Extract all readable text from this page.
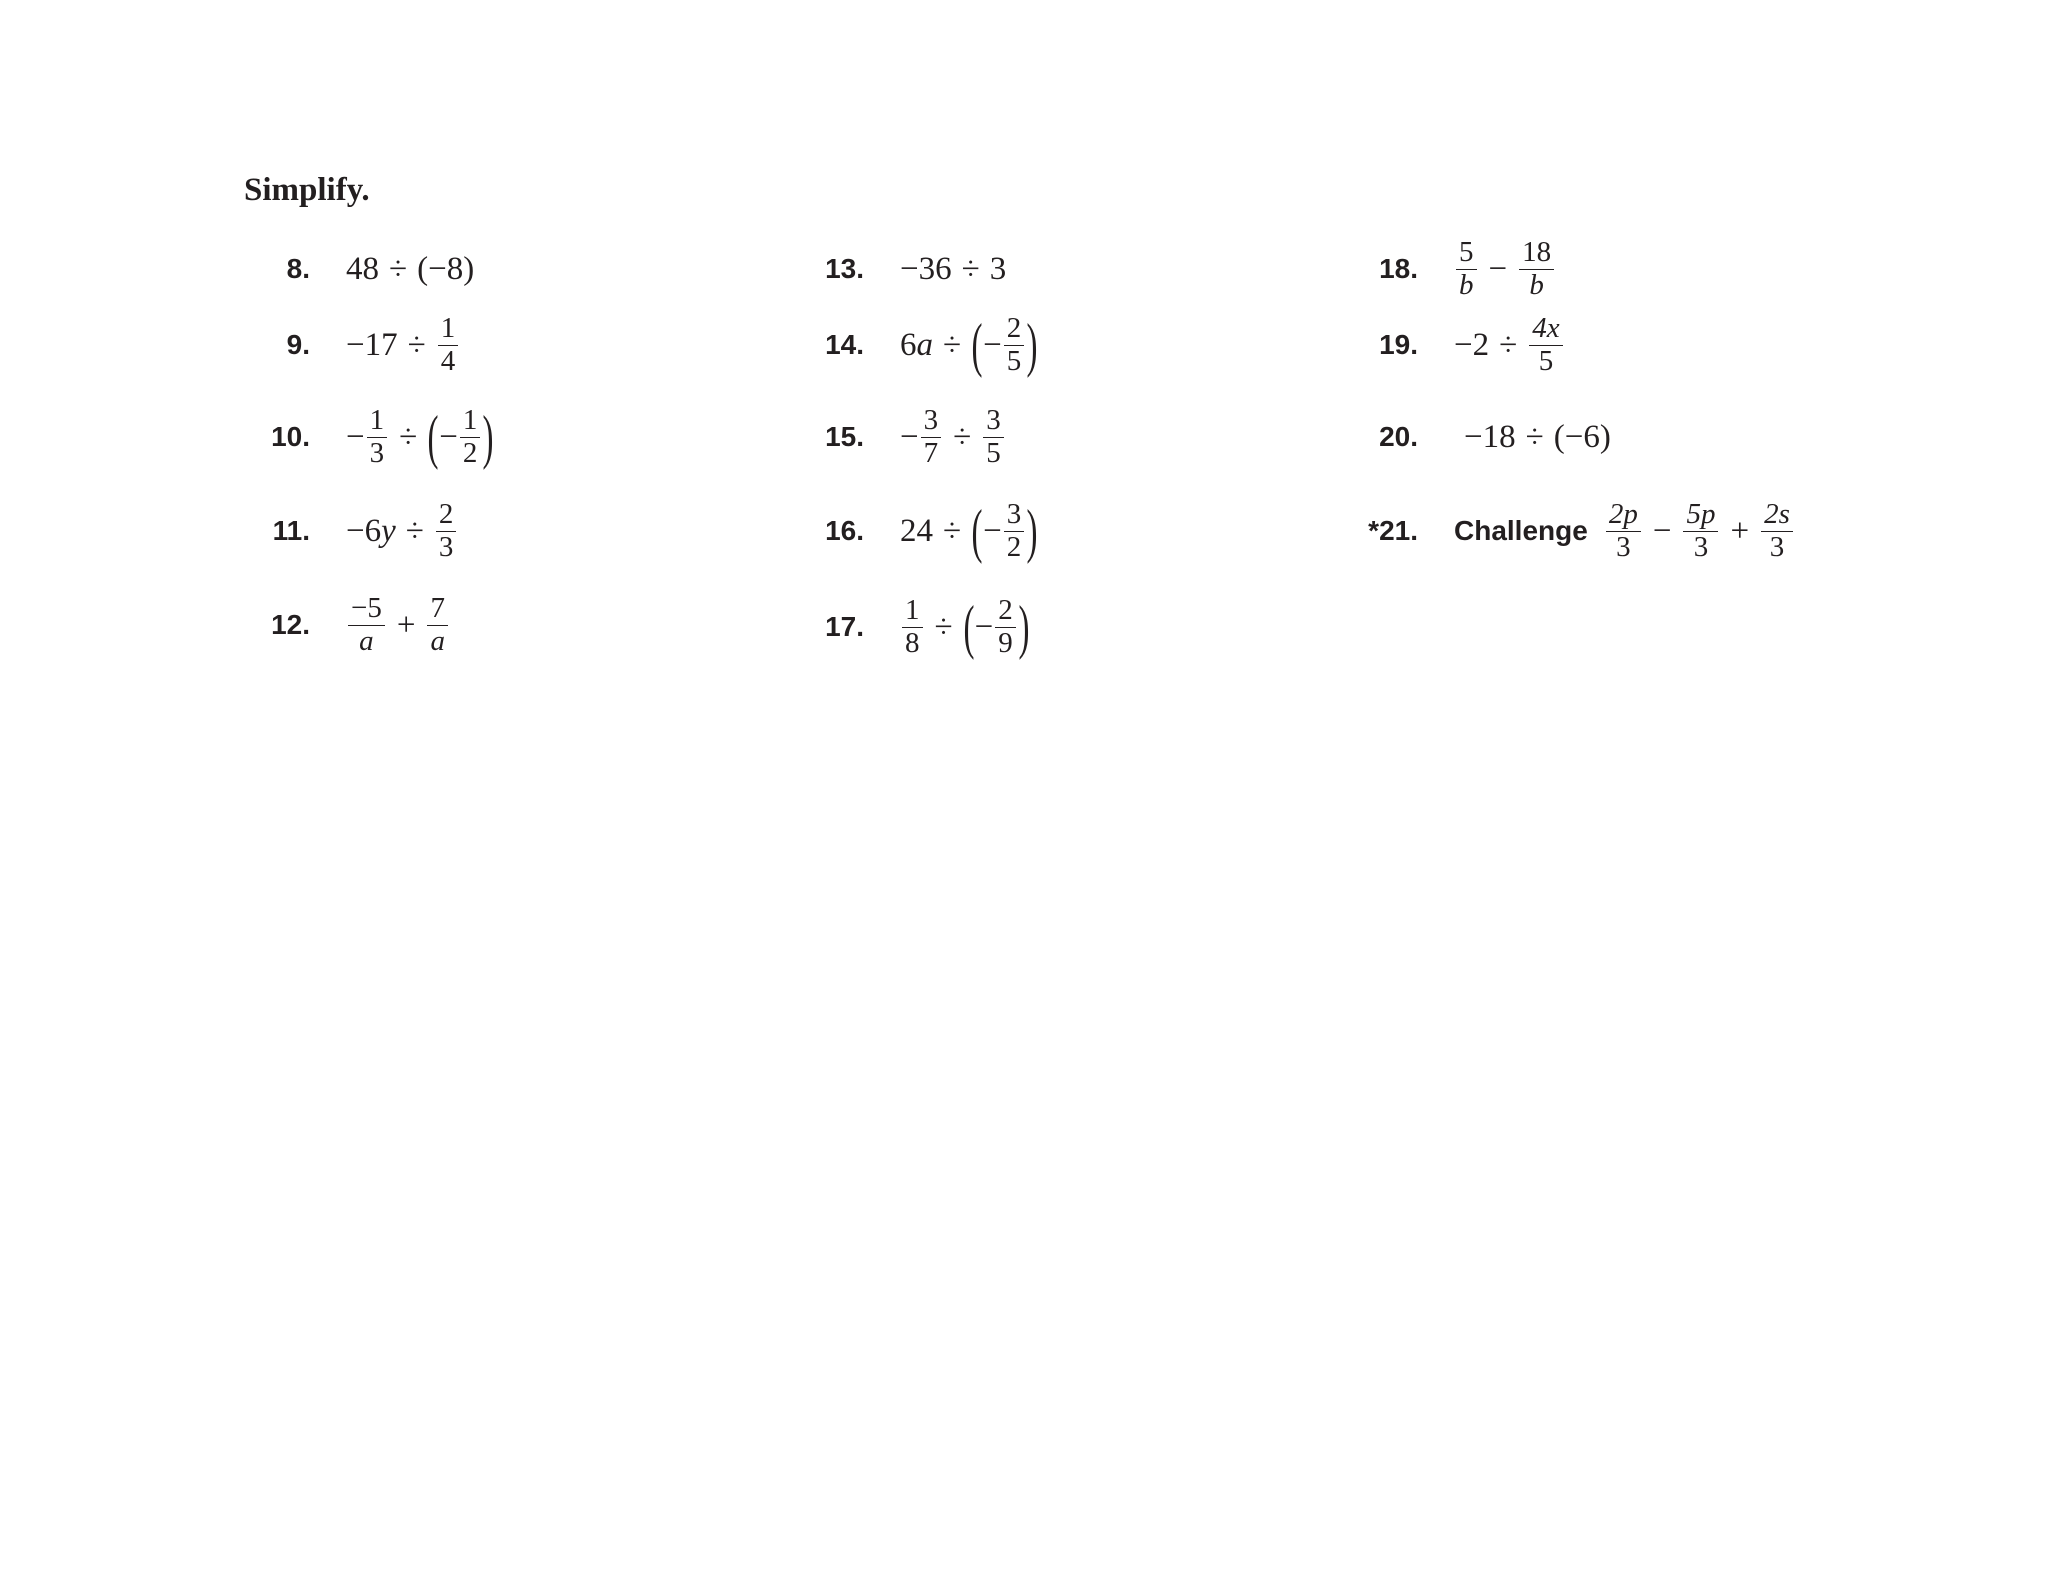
Simplify.
8. 48 ÷ (−8)
9. $-17 \div \frac{1}{4}$
10. − $\frac{1}{3}$ ÷ ( − $\frac{1}{2}$ )
11. −6 $y \div \frac{2}{3}$
12. $\frac{-5}{a} + \frac{7}{a}$
13. −36 ÷ 3
14. 6 a ÷ ( − $\frac{2}{5}$ )
15. − $\frac{3}{7} \div \frac{3}{5}$
16. 24 ÷ ( − $\frac{3}{2}$ )
17. $\frac{1}{8}$ ÷ ( − $\frac{2}{9}$ )
18. $\frac{5}{b} - \frac{18}{b}$
19. $-2 \div \frac{4x}{5}$
20. −18 ÷ (−6)
*21. Challenge $\frac{2p}{3} - \frac{5p}{3} + \frac{2s}{3}$
